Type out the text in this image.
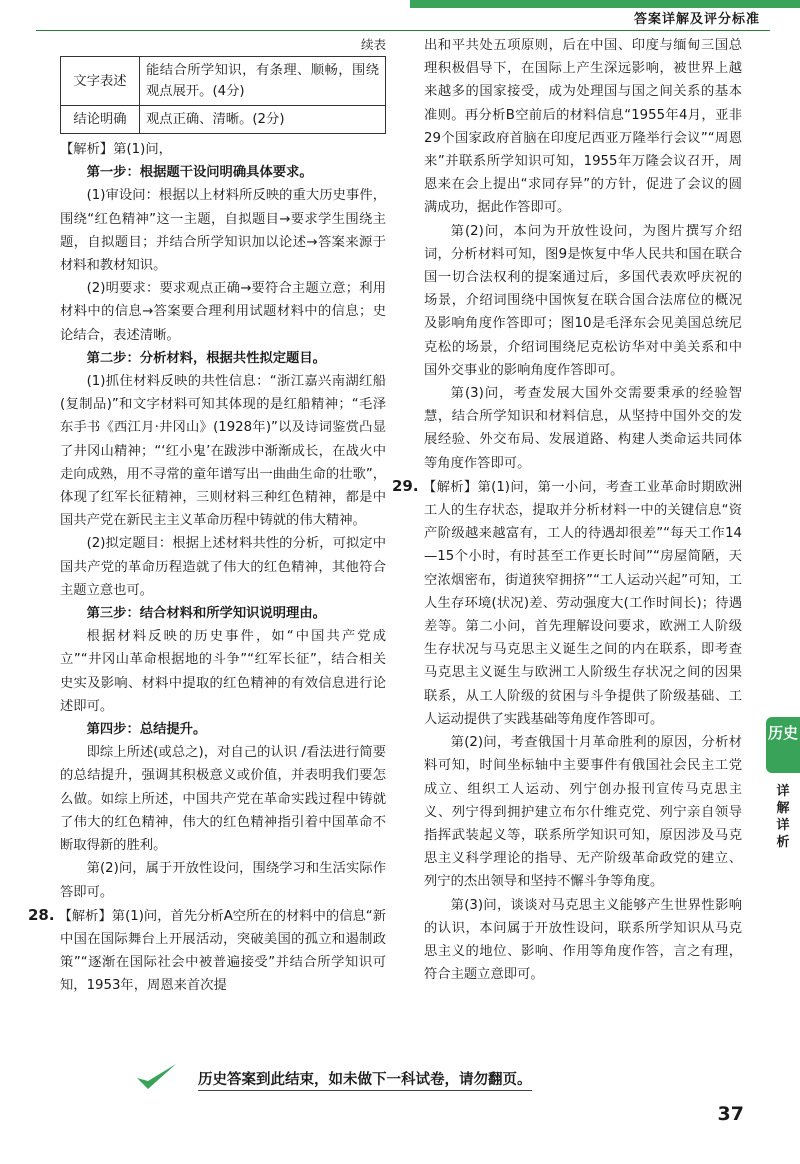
答案详解及评分标准

续表

文字表述	能结合所学知识，有条理、顺畅，围绕观点展开。(4分)
结论明确	观点正确、清晰。(2分)

【解析】第(1)问，

第一步：根据题干设问明确具体要求。

(1)审设问：根据以上材料所反映的重大历史事件，围绕“红色精神”这一主题，自拟题目→要求学生围绕主题，自拟题目；并结合所学知识加以论述→答案来源于材料和教材知识。

(2)明要求：要求观点正确→要符合主题立意；利用材料中的信息→答案要合理利用试题材料中的信息；史论结合，表述清晰。

第二步：分析材料，根据共性拟定题目。

(1)抓住材料反映的共性信息：“浙江嘉兴南湖红船(复制品)”和文字材料可知其体现的是红船精神；“毛泽东手书《西江月·井冈山》(1928年)”以及诗词鉴赏凸显了井冈山精神；“‘红小鬼’在跋涉中渐渐成长，在战火中走向成熟，用不寻常的童年谱写出一曲曲生命的壮歌”，体现了红军长征精神，三则材料三种红色精神，都是中国共产党在新民主主义革命历程中铸就的伟大精神。

(2)拟定题目：根据上述材料共性的分析，可拟定中国共产党的革命历程造就了伟大的红色精神，其他符合主题立意也可。

第三步：结合材料和所学知识说明理由。

根据材料反映的历史事件，如“中国共产党成立”“井冈山革命根据地的斗争”“红军长征”，结合相关史实及影响、材料中提取的红色精神的有效信息进行论述即可。

第四步：总结提升。

即综上所述(或总之)，对自己的认识 /看法进行简要的总结提升，强调其积极意义或价值，并表明我们要怎么做。如综上所述，中国共产党在革命实践过程中铸就了伟大的红色精神，伟大的红色精神指引着中国革命不断取得新的胜利。

第(2)问，属于开放性设问，围绕学习和生活实际作答即可。

28. 【解析】第(1)问，首先分析A空所在的材料中的信息“新中国在国际舞台上开展活动，突破美国的孤立和遏制政策”“逐渐在国际社会中被普遍接受”并结合所学知识可知，1953年，周恩来首次提

出和平共处五项原则，后在中国、印度与缅甸三国总理积极倡导下，在国际上产生深远影响，被世界上越来越多的国家接受，成为处理国与国之间关系的基本准则。再分析B空前后的材料信息“1955年4月，亚非29个国家政府首脑在印度尼西亚万隆举行会议”“周恩来”并联系所学知识可知，1955年万隆会议召开，周恩来在会上提出“求同存异”的方针，促进了会议的圆满成功，据此作答即可。

第(2)问，本问为开放性设问，为图片撰写介绍词，分析材料可知，图9是恢复中华人民共和国在联合国一切合法权利的提案通过后，多国代表欢呼庆祝的场景，介绍词围绕中国恢复在联合国合法席位的概况及影响角度作答即可；图10是毛泽东会见美国总统尼克松的场景，介绍词围绕尼克松访华对中美关系和中国外交事业的影响角度作答即可。

第(3)问，考查发展大国外交需要秉承的经验智慧，结合所学知识和材料信息，从坚持中国外交的发展经验、外交布局、发展道路、构建人类命运共同体等角度作答即可。

29. 【解析】第(1)问，第一小问，考查工业革命时期欧洲工人的生存状态，提取并分析材料一中的关键信息“资产阶级越来越富有，工人的待遇却很差”“每天工作14—15个小时，有时甚至工作更长时间”“房屋简陋，天空浓烟密布，街道狭窄拥挤”“工人运动兴起”可知，工人生存环境(状况)差、劳动强度大(工作时间长)；待遇差等。第二小问，首先理解设问要求，欧洲工人阶级生存状况与马克思主义诞生之间的内在联系，即考查马克思主义诞生与欧洲工人阶级生存状况之间的因果联系，从工人阶级的贫困与斗争提供了阶级基础、工人运动提供了实践基础等角度作答即可。

第(2)问，考查俄国十月革命胜利的原因，分析材料可知，时间坐标轴中主要事件有俄国社会民主工党成立、组织工人运动、列宁创办报刊宣传马克思主义、列宁得到拥护建立布尔什维克党、列宁亲自领导指挥武装起义等，联系所学知识可知，原因涉及马克思主义科学理论的指导、无产阶级革命政党的建立、列宁的杰出领导和坚持不懈斗争等角度。

第(3)问，谈谈对马克思主义能够产生世界性影响的认识，本问属于开放性设问，联系所学知识从马克思主义的地位、影响、作用等角度作答，言之有理，符合主题立意即可。

历史
详解详析
历史答案到此结束，如未做下一科试卷，请勿翻页。
37
